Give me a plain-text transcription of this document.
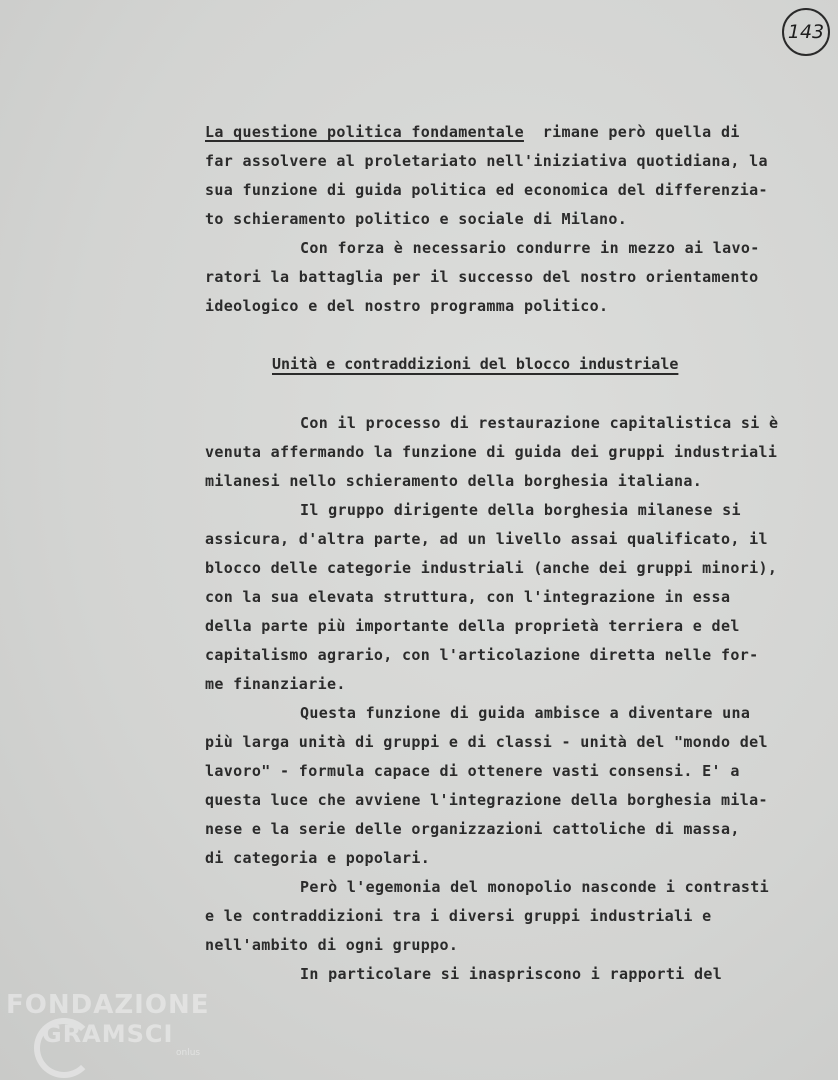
143
La questione politica fondamentale  rimane però quella di
far assolvere al proletariato nell'iniziativa quotidiana, la
sua funzione di guida politica ed economica del differenzia-
to schieramento politico e sociale di Milano.
Con forza è necessario condurre in mezzo ai lavo-
ratori la battaglia per il successo del nostro orientamento
ideologico e del nostro programma politico.
Unità e contraddizioni del blocco industriale
Con il processo di restaurazione capitalistica si è
venuta affermando la funzione di guida dei gruppi industriali
milanesi nello schieramento della borghesia italiana.
Il gruppo dirigente della borghesia milanese si
assicura, d'altra parte, ad un livello assai qualificato, il
blocco delle categorie industriali (anche dei gruppi minori),
con la sua elevata struttura, con l'integrazione in essa
della parte più importante della proprietà terriera e del
capitalismo agrario, con l'articolazione diretta nelle for-
me finanziarie.
Questa funzione di guida ambisce a diventare una
più larga unità di gruppi e di classi - unità del "mondo del
lavoro" - formula capace di ottenere vasti consensi. E' a
questa luce che avviene l'integrazione della borghesia mila-
nese e la serie delle organizzazioni cattoliche di massa,
di categoria e popolari.
Però l'egemonia del monopolio nasconde i contrasti
e le contraddizioni tra i diversi gruppi industriali e
nell'ambito di ogni gruppo.
In particolare si inaspriscono i rapporti del
FONDAZIONE
GRAMSCI
onlus
